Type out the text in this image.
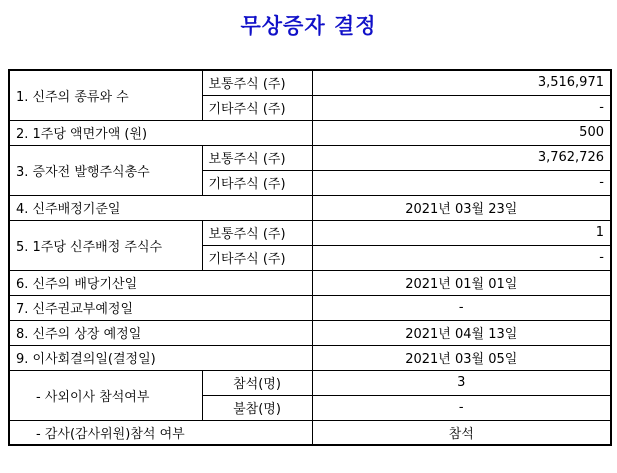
무상증자 결정
1. 신주의 종류와 수	보통주식 (주)	3,516,971
	기타주식 (주)	-
2. 1주당 액면가액 (원)		500
3. 증자전 발행주식총수	보통주식 (주)	3,762,726
	기타주식 (주)	-
4. 신주배정기준일		2021년 03월 23일
5. 1주당 신주배정 주식수	보통주식 (주)	1
	기타주식 (주)	-
6. 신주의 배당기산일		2021년 01월 01일
7. 신주권교부예정일		-
8. 신주의 상장 예정일		2021년 04월 13일
9. 이사회결의일(결정일)		2021년 03월 05일
- 사외이사 참석여부	참석(명)	3
	불참(명)	-
- 감사(감사위원)참석 여부		참석
